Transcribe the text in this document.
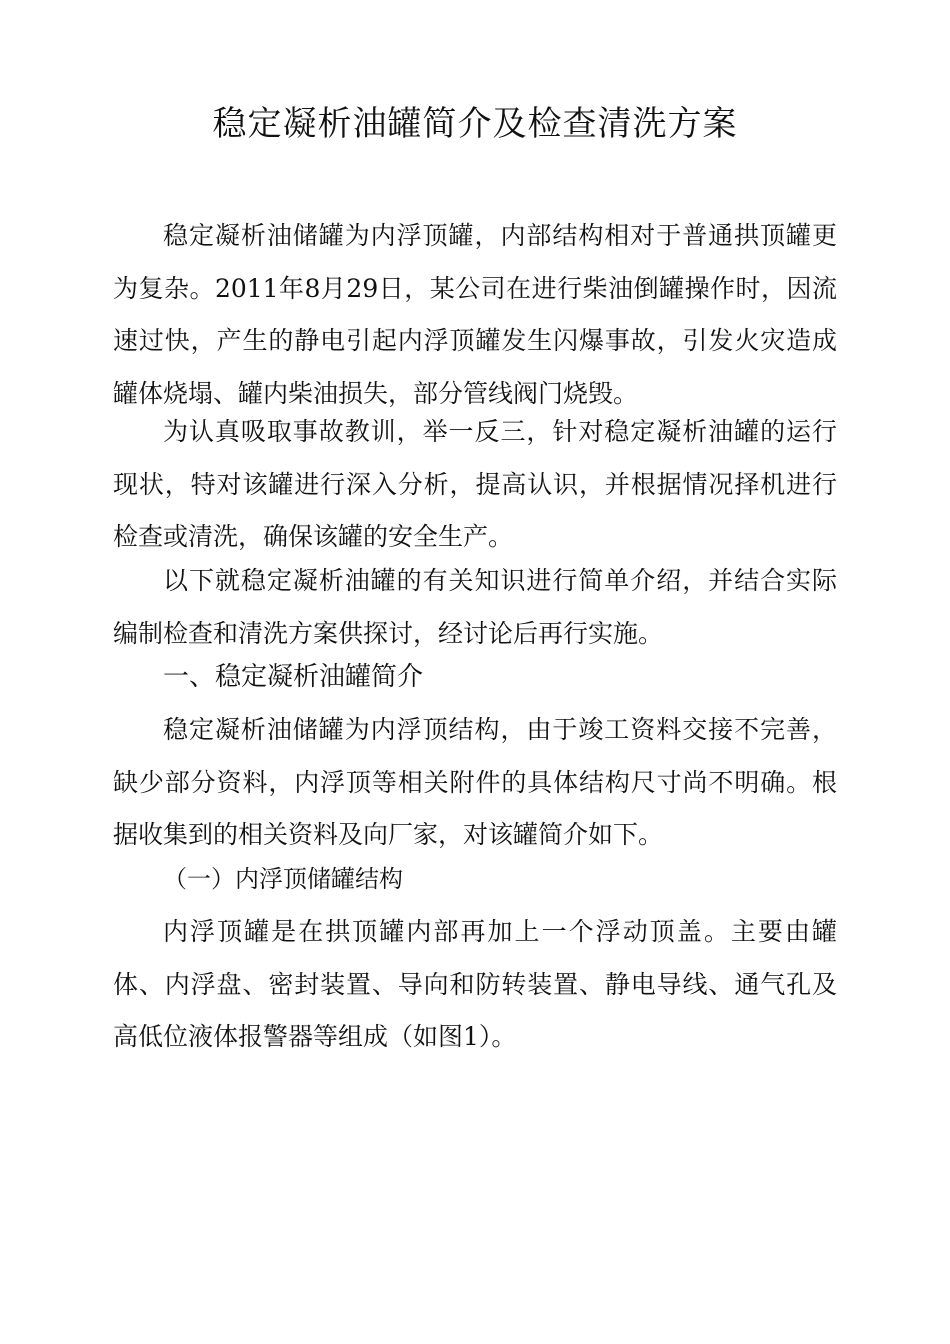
稳定凝析油罐简介及检查清洗方案

稳定凝析油储罐为内浮顶罐，内部结构相对于普通拱顶罐更为复杂。2011年8月29日，某公司在进行柴油倒罐操作时，因流速过快，产生的静电引起内浮顶罐发生闪爆事故，引发火灾造成罐体烧塌、罐内柴油损失，部分管线阀门烧毁。

为认真吸取事故教训，举一反三，针对稳定凝析油罐的运行现状，特对该罐进行深入分析，提高认识，并根据情况择机进行检查或清洗，确保该罐的安全生产。

以下就稳定凝析油罐的有关知识进行简单介绍，并结合实际编制检查和清洗方案供探讨，经讨论后再行实施。

一、稳定凝析油罐简介

稳定凝析油储罐为内浮顶结构，由于竣工资料交接不完善，缺少部分资料，内浮顶等相关附件的具体结构尺寸尚不明确。根据收集到的相关资料及向厂家，对该罐简介如下。

（一）内浮顶储罐结构

内浮顶罐是在拱顶罐内部再加上一个浮动顶盖。主要由罐体、内浮盘、密封装置、导向和防转装置、静电导线、通气孔及高低位液体报警器等组成（如图1）。
